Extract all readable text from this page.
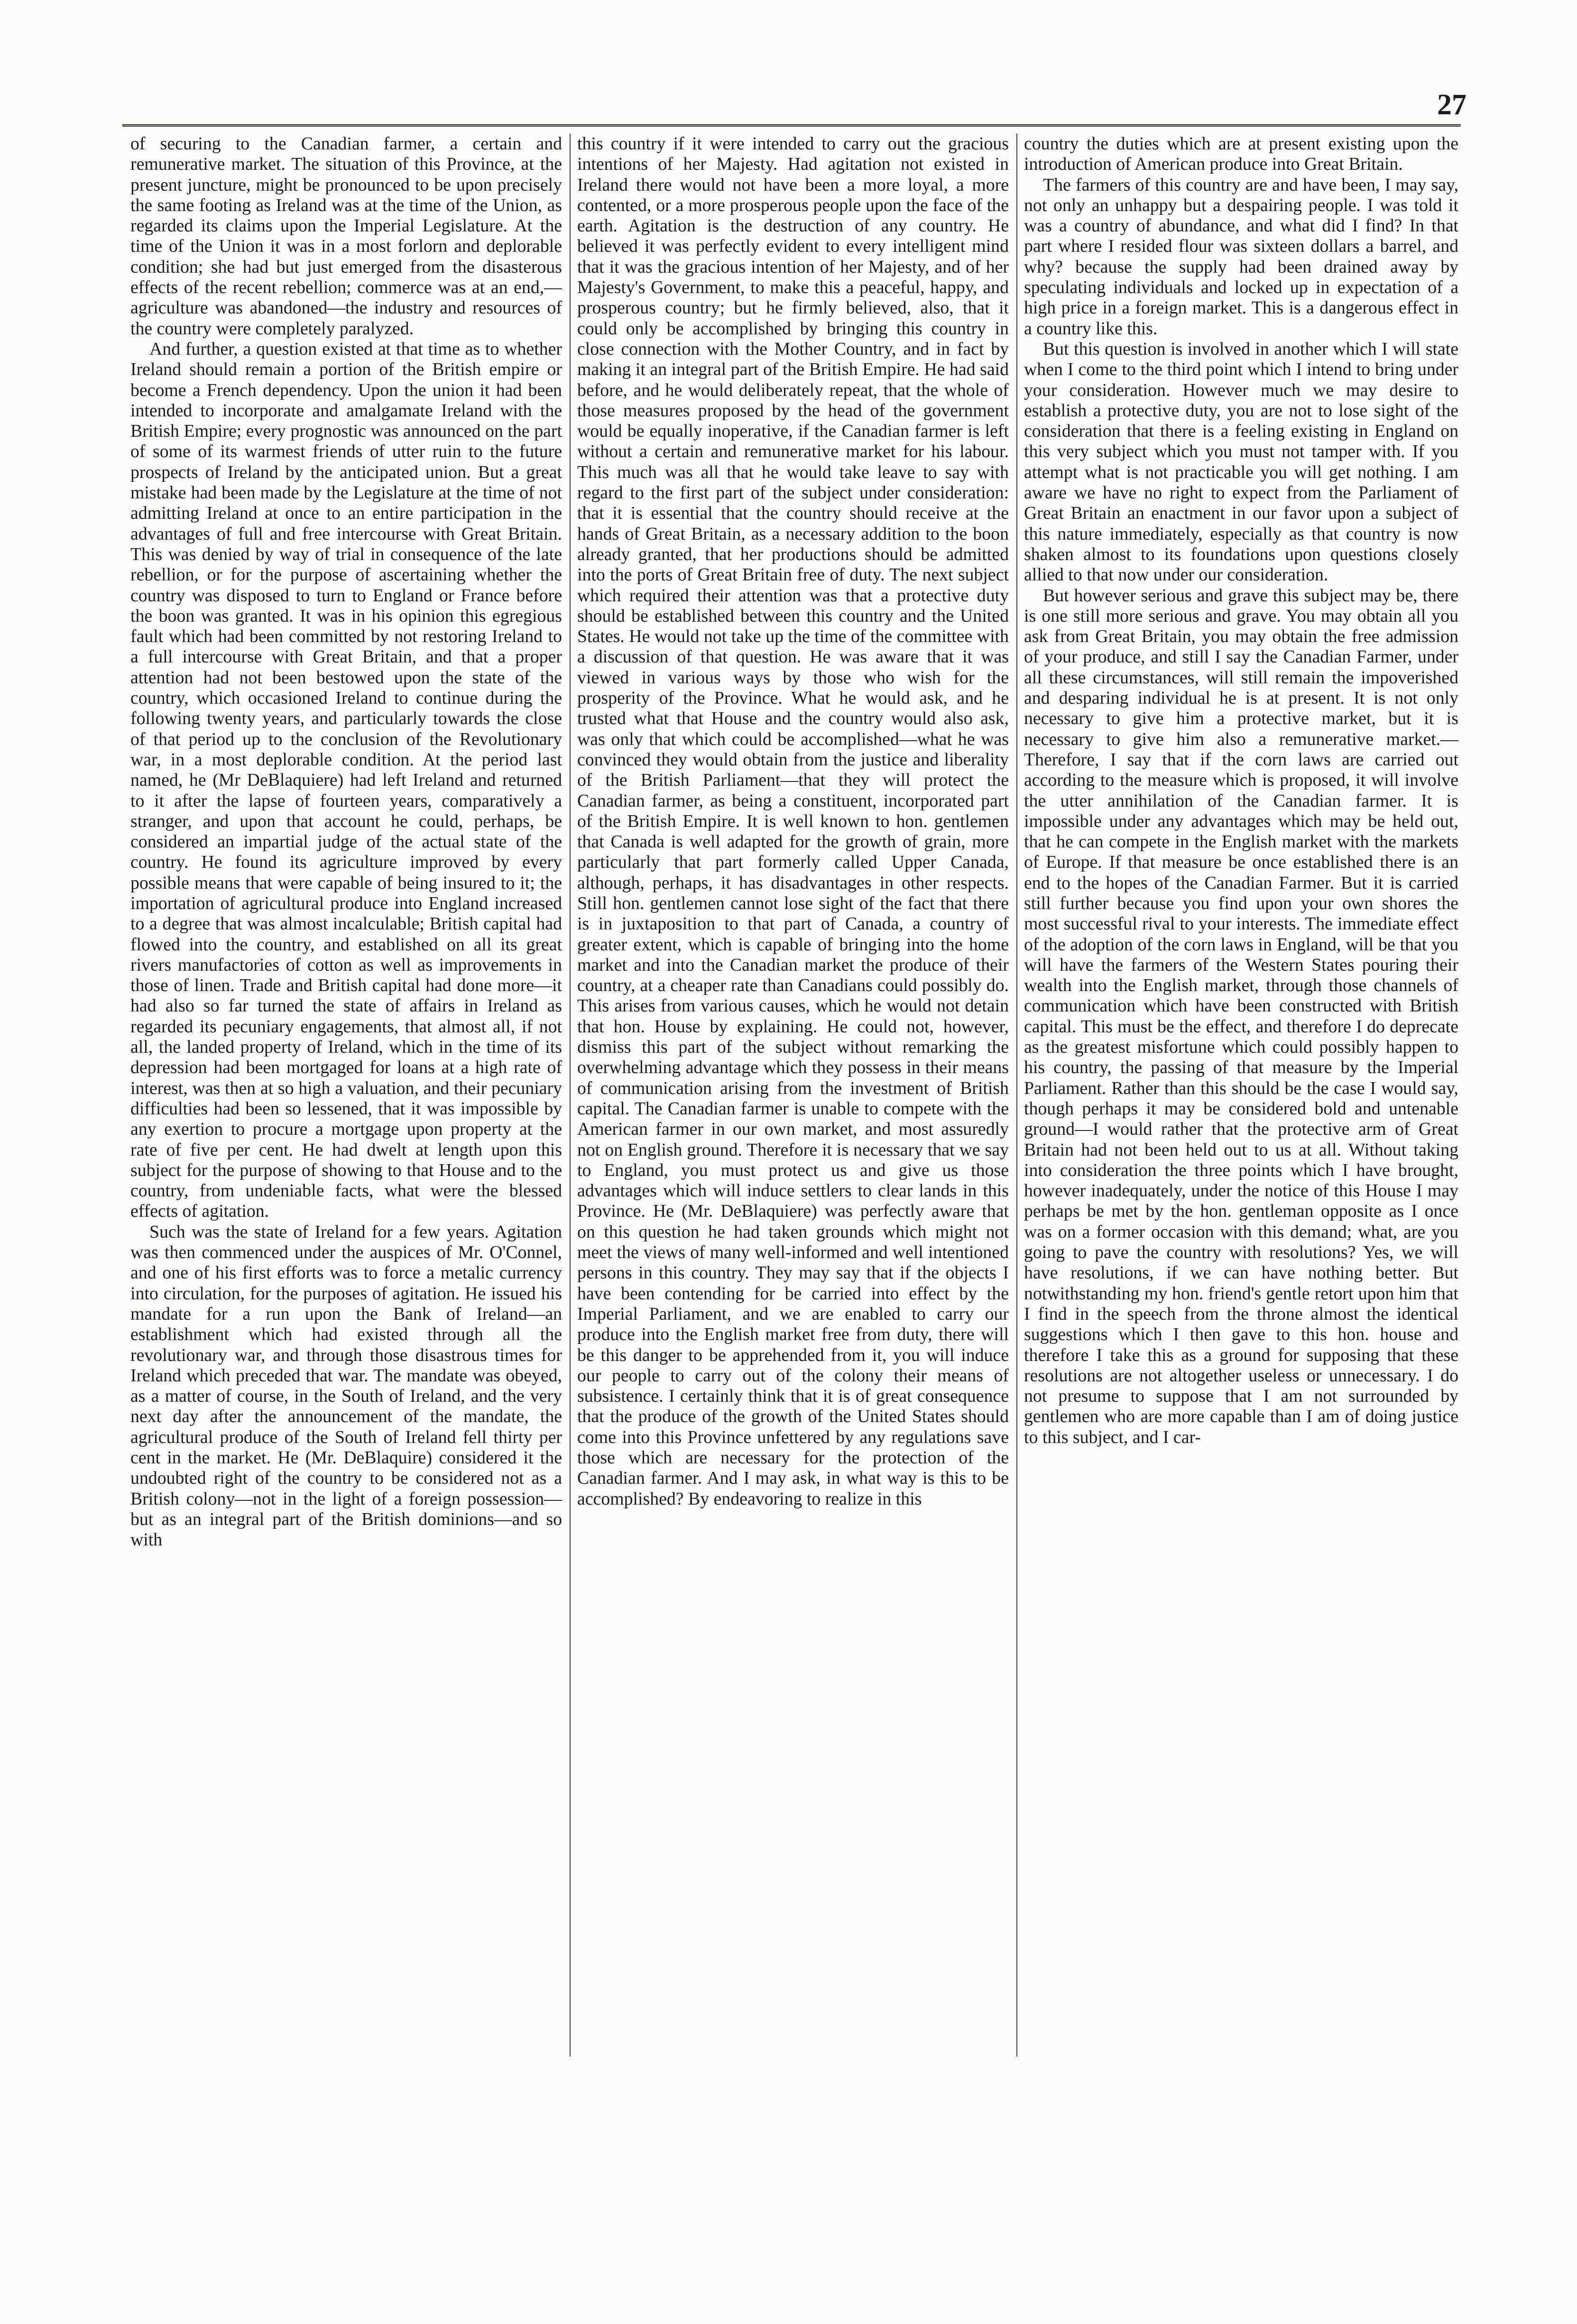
27

of securing to the Canadian farmer, a certain and remunerative market. The situation of this Province, at the present juncture, might be pronounced to be upon precisely the same footing as Ireland was at the time of the Union, as regarded its claims upon the Imperial Legislature. At the time of the Union it was in a most forlorn and deplorable condition; she had but just emerged from the disasterous effects of the recent rebellion; commerce was at an end,—agriculture was abandoned—the industry and resources of the country were completely paralyzed.

And further, a question existed at that time as to whether Ireland should remain a portion of the British empire or become a French dependency. Upon the union it had been intended to incorporate and amalgamate Ireland with the British Empire; every prognostic was announced on the part of some of its warmest friends of utter ruin to the future prospects of Ireland by the anticipated union. But a great mistake had been made by the Legislature at the time of not admitting Ireland at once to an entire participation in the advantages of full and free intercourse with Great Britain. This was denied by way of trial in consequence of the late rebellion, or for the purpose of ascertaining whether the country was disposed to turn to England or France before the boon was granted. It was in his opinion this egregious fault which had been committed by not restoring Ireland to a full intercourse with Great Britain, and that a proper attention had not been bestowed upon the state of the country, which occasioned Ireland to continue during the following twenty years, and particularly towards the close of that period up to the conclusion of the Revolutionary war, in a most deplorable condition. At the period last named, he (Mr DeBlaquiere) had left Ireland and returned to it after the lapse of fourteen years, comparatively a stranger, and upon that account he could, perhaps, be considered an impartial judge of the actual state of the country. He found its agriculture improved by every possible means that were capable of being insured to it; the importation of agricultural produce into England increased to a degree that was almost incalculable; British capital had flowed into the country, and established on all its great rivers manufactories of cotton as well as improvements in those of linen. Trade and British capital had done more—it had also so far turned the state of affairs in Ireland as regarded its pecuniary engagements, that almost all, if not all, the landed property of Ireland, which in the time of its depression had been mortgaged for loans at a high rate of interest, was then at so high a valuation, and their pecuniary difficulties had been so lessened, that it was impossible by any exertion to procure a mortgage upon property at the rate of five per cent. He had dwelt at length upon this subject for the purpose of showing to that House and to the country, from undeniable facts, what were the blessed effects of agitation.

Such was the state of Ireland for a few years. Agitation was then commenced under the auspices of Mr. O'Connel, and one of his first efforts was to force a metalic currency into circulation, for the purposes of agitation. He issued his mandate for a run upon the Bank of Ireland—an establishment which had existed through all the revolutionary war, and through those disastrous times for Ireland which preceded that war. The mandate was obeyed, as a matter of course, in the South of Ireland, and the very next day after the announcement of the mandate, the agricultural produce of the South of Ireland fell thirty per cent in the market. He (Mr. DeBlaquire) considered it the undoubted right of the country to be considered not as a British colony—not in the light of a foreign possession—but as an integral part of the British dominions—and so with

this country if it were intended to carry out the gracious intentions of her Majesty. Had agitation not existed in Ireland there would not have been a more loyal, a more contented, or a more prosperous people upon the face of the earth. Agitation is the destruction of any country. He believed it was perfectly evident to every intelligent mind that it was the gracious intention of her Majesty, and of her Majesty's Government, to make this a peaceful, happy, and prosperous country; but he firmly believed, also, that it could only be accomplished by bringing this country in close connection with the Mother Country, and in fact by making it an integral part of the British Empire. He had said before, and he would deliberately repeat, that the whole of those measures proposed by the head of the government would be equally inoperative, if the Canadian farmer is left without a certain and remunerative market for his labour. This much was all that he would take leave to say with regard to the first part of the subject under consideration: that it is essential that the country should receive at the hands of Great Britain, as a necessary addition to the boon already granted, that her productions should be admitted into the ports of Great Britain free of duty. The next subject which required their attention was that a protective duty should be established between this country and the United States. He would not take up the time of the committee with a discussion of that question. He was aware that it was viewed in various ways by those who wish for the prosperity of the Province. What he would ask, and he trusted what that House and the country would also ask, was only that which could be accomplished—what he was convinced they would obtain from the justice and liberality of the British Parliament—that they will protect the Canadian farmer, as being a constituent, incorporated part of the British Empire. It is well known to hon. gentlemen that Canada is well adapted for the growth of grain, more particularly that part formerly called Upper Canada, although, perhaps, it has disadvantages in other respects. Still hon. gentlemen cannot lose sight of the fact that there is in juxtaposition to that part of Canada, a country of greater extent, which is capable of bringing into the home market and into the Canadian market the produce of their country, at a cheaper rate than Canadians could possibly do. This arises from various causes, which he would not detain that hon. House by explaining. He could not, however, dismiss this part of the subject without remarking the overwhelming advantage which they possess in their means of communication arising from the investment of British capital. The Canadian farmer is unable to compete with the American farmer in our own market, and most assuredly not on English ground. Therefore it is necessary that we say to England, you must protect us and give us those advantages which will induce settlers to clear lands in this Province. He (Mr. DeBlaquiere) was perfectly aware that on this question he had taken grounds which might not meet the views of many well-informed and well intentioned persons in this country. They may say that if the objects I have been contending for be carried into effect by the Imperial Parliament, and we are enabled to carry our produce into the English market free from duty, there will be this danger to be apprehended from it, you will induce our people to carry out of the colony their means of subsistence. I certainly think that it is of great consequence that the produce of the growth of the United States should come into this Province unfettered by any regulations save those which are necessary for the protection of the Canadian farmer. And I may ask, in what way is this to be accomplished? By endeavoring to realize in this

country the duties which are at present existing upon the introduction of American produce into Great Britain.

The farmers of this country are and have been, I may say, not only an unhappy but a despairing people. I was told it was a country of abundance, and what did I find? In that part where I resided flour was sixteen dollars a barrel, and why? because the supply had been drained away by speculating individuals and locked up in expectation of a high price in a foreign market. This is a dangerous effect in a country like this.

But this question is involved in another which I will state when I come to the third point which I intend to bring under your consideration. However much we may desire to establish a protective duty, you are not to lose sight of the consideration that there is a feeling existing in England on this very subject which you must not tamper with. If you attempt what is not practicable you will get nothing. I am aware we have no right to expect from the Parliament of Great Britain an enactment in our favor upon a subject of this nature immediately, especially as that country is now shaken almost to its foundations upon questions closely allied to that now under our consideration.

But however serious and grave this subject may be, there is one still more serious and grave. You may obtain all you ask from Great Britain, you may obtain the free admission of your produce, and still I say the Canadian Farmer, under all these circumstances, will still remain the impoverished and desparing individual he is at present. It is not only necessary to give him a protective market, but it is necessary to give him also a remunerative market.—Therefore, I say that if the corn laws are carried out according to the measure which is proposed, it will involve the utter annihilation of the Canadian farmer. It is impossible under any advantages which may be held out, that he can compete in the English market with the markets of Europe. If that measure be once established there is an end to the hopes of the Canadian Farmer. But it is carried still further because you find upon your own shores the most successful rival to your interests. The immediate effect of the adoption of the corn laws in England, will be that you will have the farmers of the Western States pouring their wealth into the English market, through those channels of communication which have been constructed with British capital. This must be the effect, and therefore I do deprecate as the greatest misfortune which could possibly happen to his country, the passing of that measure by the Imperial Parliament. Rather than this should be the case I would say, though perhaps it may be considered bold and untenable ground—I would rather that the protective arm of Great Britain had not been held out to us at all. Without taking into consideration the three points which I have brought, however inadequately, under the notice of this House I may perhaps be met by the hon. gentleman opposite as I once was on a former occasion with this demand; what, are you going to pave the country with resolutions? Yes, we will have resolutions, if we can have nothing better. But notwithstanding my hon. friend's gentle retort upon him that I find in the speech from the throne almost the identical suggestions which I then gave to this hon. house and therefore I take this as a ground for supposing that these resolutions are not altogether useless or unnecessary. I do not presume to suppose that I am not surrounded by gentlemen who are more capable than I am of doing justice to this subject, and I car-
